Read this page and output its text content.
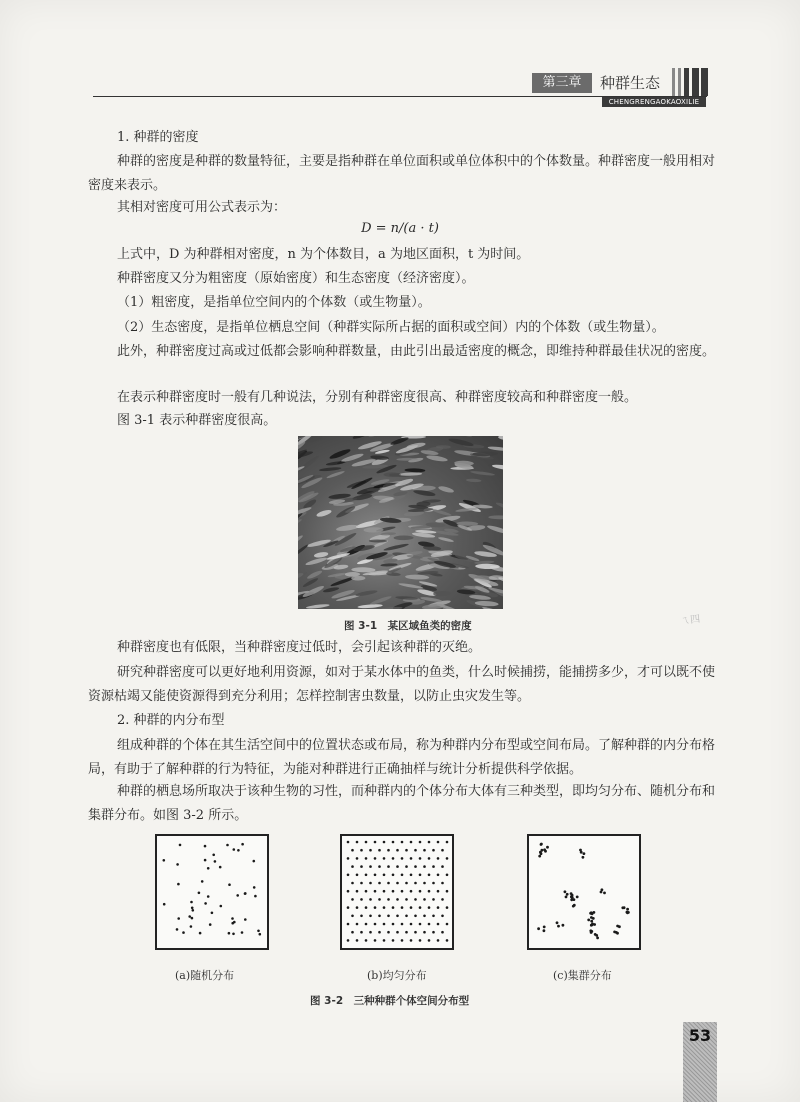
第三章	种群生态
CHENGRENGAOKAOXILIE
1. 种群的密度
种群的密度是种群的数量特征，主要是指种群在单位面积或单位体积中的个体数量。种群密度一般用相对密度来表示。
其相对密度可用公式表示为：
D = n/(a · t)
上式中，D 为种群相对密度，n 为个体数目，a 为地区面积，t 为时间。
种群密度又分为粗密度（原始密度）和生态密度（经济密度）。
（1）粗密度，是指单位空间内的个体数（或生物量）。
（2）生态密度，是指单位栖息空间（种群实际所占据的面积或空间）内的个体数（或生物量）。
此外，种群密度过高或过低都会影响种群数量，由此引出最适密度的概念，即维持种群最佳状况的密度。
在表示种群密度时一般有几种说法，分别有种群密度很高、种群密度较高和种群密度一般。
图 3-1 表示种群密度很高。
图 3-1　某区域鱼类的密度	ㄟ四
种群密度也有低限，当种群密度过低时，会引起该种群的灭绝。
研究种群密度可以更好地利用资源，如对于某水体中的鱼类，什么时候捕捞，能捕捞多少，才可以既不使资源枯竭又能使资源得到充分利用；怎样控制害虫数量，以防止虫灾发生等。
2. 种群的内分布型
组成种群的个体在其生活空间中的位置状态或布局，称为种群内分布型或空间布局。了解种群的内分布格局，有助于了解种群的行为特征，为能对种群进行正确抽样与统计分析提供科学依据。
种群的栖息场所取决于该种生物的习性，而种群内的个体分布大体有三种类型，即均匀分布、随机分布和集群分布。如图 3-2 所示。
(a)随机分布	(b)均匀分布	(c)集群分布
图 3-2　三种种群个体空间分布型
53
